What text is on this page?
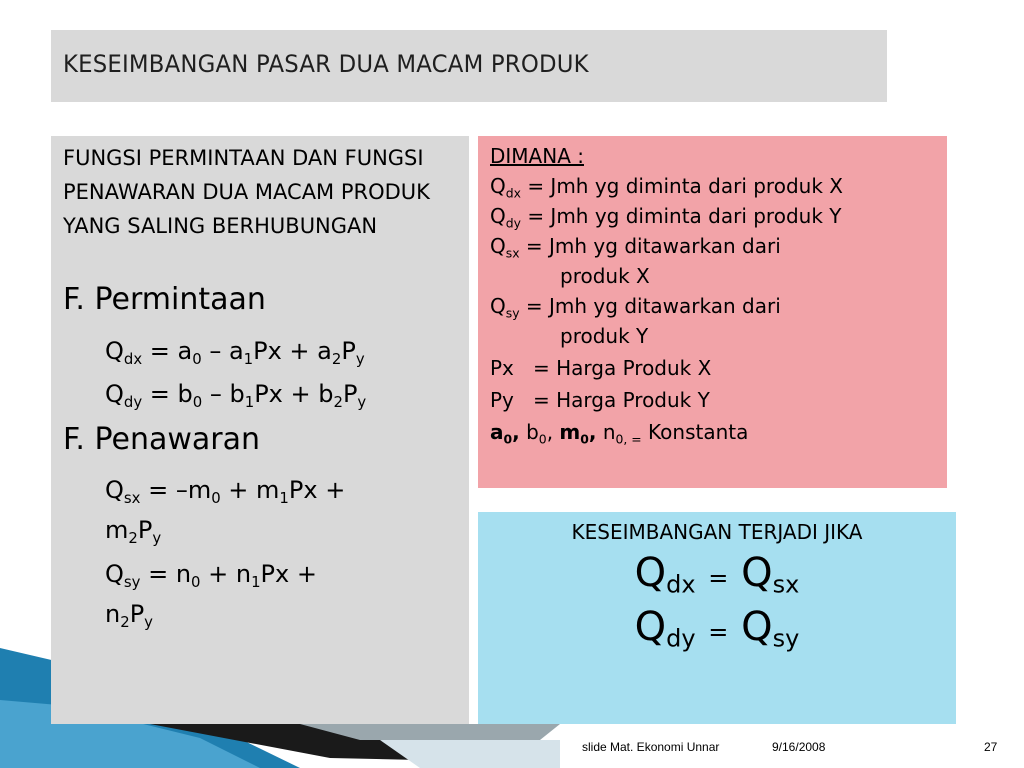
KESEIMBANGAN PASAR DUA MACAM PRODUK
FUNGSI PERMINTAAN DAN FUNGSI PENAWARAN DUA MACAM PRODUK YANG SALING BERHUBUNGAN
F. Permintaan
$Q_{dx} = a_0 - a_1Px + a_2P_y$
$Q_{dy} = b_0 - b_1Px + b_2P_y$
F. Penawaran
$Q_{sx} = -m_0 + m_1Px$ +
$m_2P_y$
$Q_{sy} = n_0 + n_1Px$ +
$n_2P_y$
DIMANA :
$Q_{dx}$ = Jmh yg diminta dari produk X
$Q_{dy}$ = Jmh yg diminta dari produk Y
$Q_{sx}$ = Jmh yg ditawarkan dari
produk X
$Q_{sy}$ = Jmh yg ditawarkan dari
produk Y
Px = Harga Produk X
Py = Harga Produk Y
$a_0$, $b_0$, $m_0$, $n_{0, =}$ Konstanta
KESEIMBANGAN TERJADI JIKA
$Q_{dx} = Q_{sx}$
$Q_{dy} = Q_{sy}$
slide Mat. Ekonomi Unnar	9/16/2008	27
